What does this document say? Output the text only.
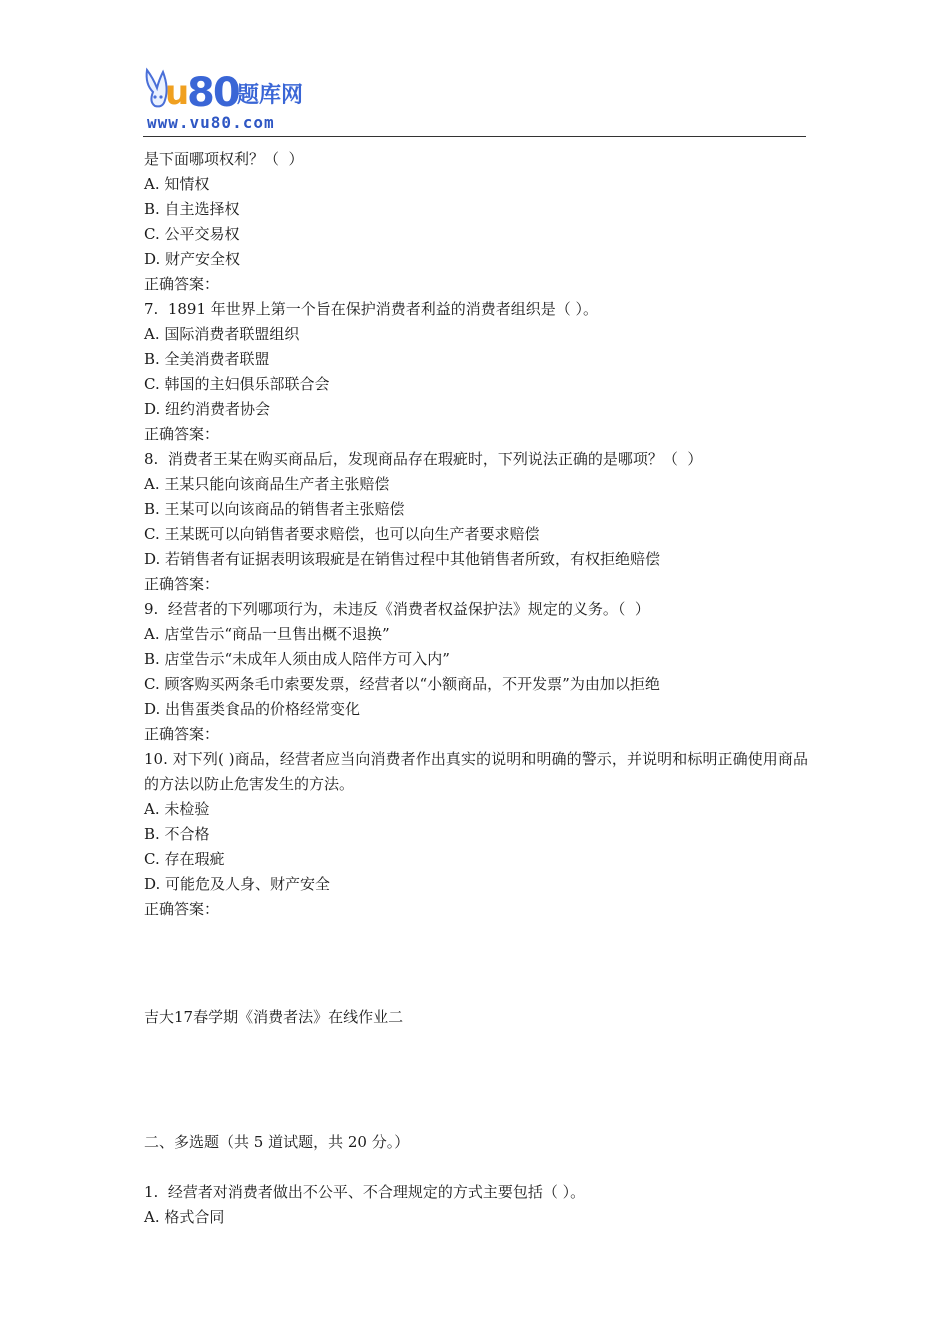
u
80
题库网
www.vu80.com

是下面哪项权利？（  ）

A. 知情权

B. 自主选择权

C. 公平交易权

D. 财产安全权

正确答案：

7.  1891 年世界上第一个旨在保护消费者利益的消费者组织是（ ）。

A. 国际消费者联盟组织

B. 全美消费者联盟

C. 韩国的主妇俱乐部联合会

D. 纽约消费者协会

正确答案：

8.  消费者王某在购买商品后，发现商品存在瑕疵时，下列说法正确的是哪项？（  ）

A. 王某只能向该商品生产者主张赔偿

B. 王某可以向该商品的销售者主张赔偿

C. 王某既可以向销售者要求赔偿，也可以向生产者要求赔偿

D. 若销售者有证据表明该瑕疵是在销售过程中其他销售者所致，有权拒绝赔偿

正确答案：

9.  经营者的下列哪项行为，未违反《消费者权益保护法》规定的义务。（  ）

A. 店堂告示“商品一旦售出概不退换”

B. 店堂告示“未成年人须由成人陪伴方可入内”

C. 顾客购买两条毛巾索要发票，经营者以“小额商品，不开发票”为由加以拒绝

D. 出售蛋类食品的价格经常变化

正确答案：

10. 对下列( )商品，经营者应当向消费者作出真实的说明和明确的警示，并说明和标明正确使用商品的方法以防止危害发生的方法。

A. 未检验

B. 不合格

C. 存在瑕疵

D. 可能危及人身、财产安全

正确答案：

吉大17春学期《消费者法》在线作业二

二、多选题（共 5 道试题，共 20 分。）

1.  经营者对消费者做出不公平、不合理规定的方式主要包括（ ）。

A. 格式合同
